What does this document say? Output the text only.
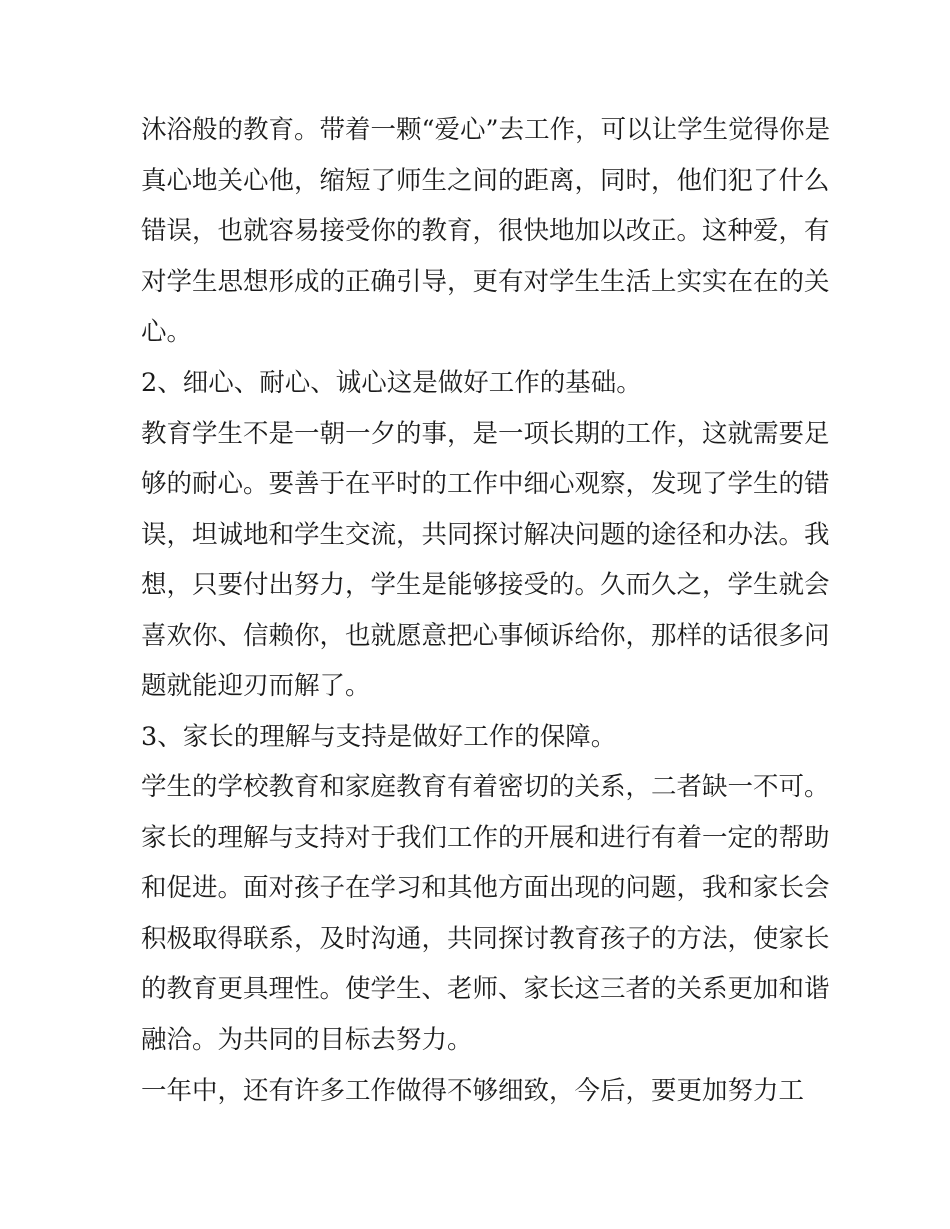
沐浴般的教育。带着一颗“爱心”去工作，可以让学生觉得你是
真心地关心他，缩短了师生之间的距离，同时，他们犯了什么
错误，也就容易接受你的教育，很快地加以改正。这种爱，有
对学生思想形成的正确引导，更有对学生生活上实实在在的关
心。
2、细心、耐心、诚心这是做好工作的基础。
教育学生不是一朝一夕的事，是一项长期的工作，这就需要足
够的耐心。要善于在平时的工作中细心观察，发现了学生的错
误，坦诚地和学生交流，共同探讨解决问题的途径和办法。我
想，只要付出努力，学生是能够接受的。久而久之，学生就会
喜欢你、信赖你，也就愿意把心事倾诉给你，那样的话很多问
题就能迎刃而解了。
3、家长的理解与支持是做好工作的保障。
学生的学校教育和家庭教育有着密切的关系，二者缺一不可。
家长的理解与支持对于我们工作的开展和进行有着一定的帮助
和促进。面对孩子在学习和其他方面出现的问题，我和家长会
积极取得联系，及时沟通，共同探讨教育孩子的方法，使家长
的教育更具理性。使学生、老师、家长这三者的关系更加和谐
融洽。为共同的目标去努力。
一年中，还有许多工作做得不够细致，今后，要更加努力工
